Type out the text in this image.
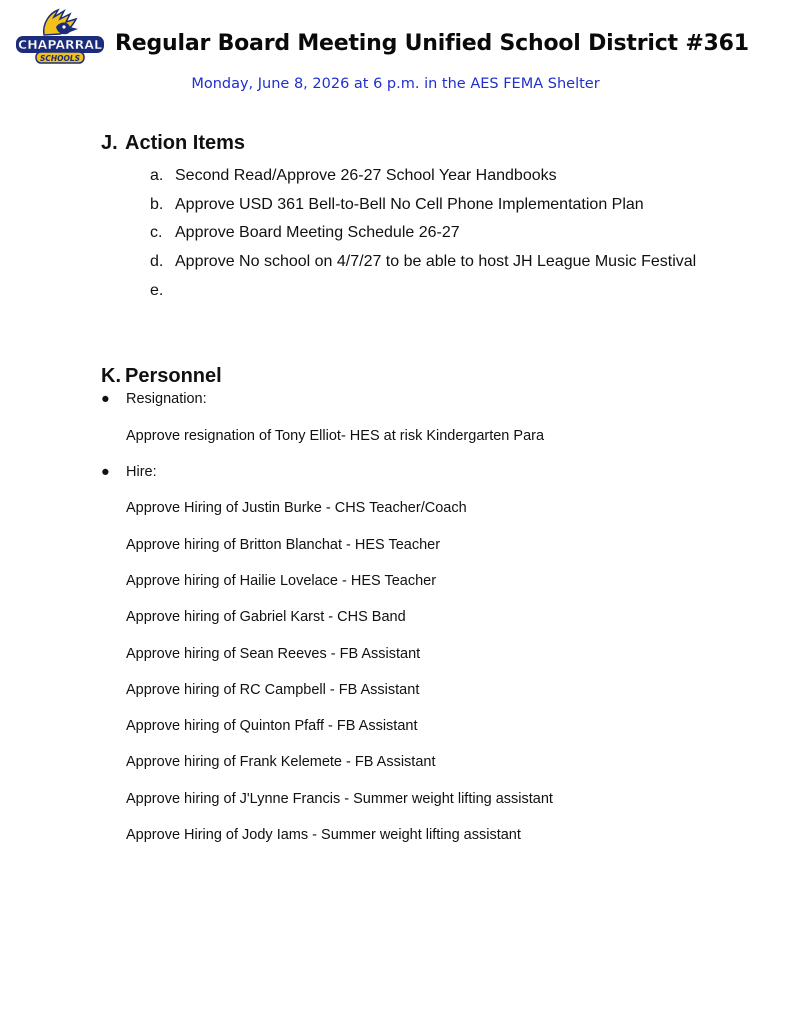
CHAPARRAL
SCHOOLS
Regular Board Meeting Unified School District #361
Monday, June 8, 2026 at 6 p.m. in the AES FEMA Shelter
J. Action Items
a. Second Read/Approve 26-27 School Year Handbooks
b. Approve USD 361 Bell-to-Bell No Cell Phone Implementation Plan
c. Approve Board Meeting Schedule 26-27
d. Approve No school on 4/7/27 to be able to host JH League Music Festival
e.
K. Personnel
● Resignation:
Approve resignation of Tony Elliot- HES at risk Kindergarten Para
● Hire:
Approve Hiring of Justin Burke - CHS Teacher/Coach
Approve hiring of Britton Blanchat - HES Teacher
Approve hiring of Hailie Lovelace - HES Teacher
Approve hiring of Gabriel Karst - CHS Band
Approve hiring of Sean Reeves - FB Assistant
Approve hiring of RC Campbell - FB Assistant
Approve hiring of Quinton Pfaff - FB Assistant
Approve hiring of Frank Kelemete - FB Assistant
Approve hiring of J'Lynne Francis - Summer weight lifting assistant
Approve Hiring of Jody Iams - Summer weight lifting assistant
